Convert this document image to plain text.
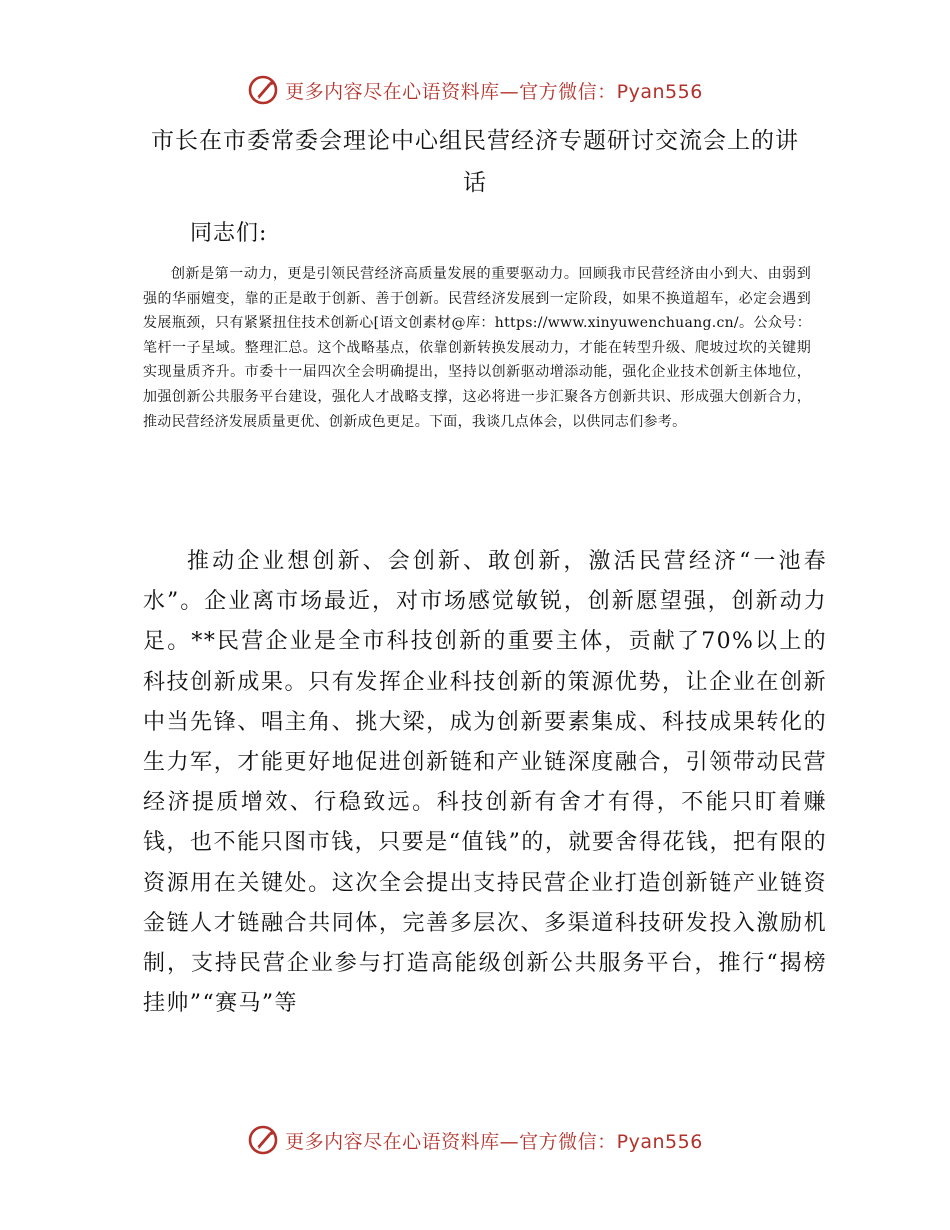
更多内容尽在心语资料库—官方微信：Pyan556
市长在市委常委会理论中心组民营经济专题研讨交流会上的讲话
同志们:

创新是第一动力，更是引领民营经济高质量发展的重要驱动力。回顾我市民营经济由小到大、由弱到强的华丽嬗变，靠的正是敢于创新、善于创新。民营经济发展到一定阶段，如果不换道超车，必定会遇到发展瓶颈，只有紧紧扭住技术创新心[语文创素材@库：https://www.xinyuwenchuang.cn/。公众号：笔杆一子星域。整理汇总。这个战略基点，依靠创新转换发展动力，才能在转型升级、爬坡过坎的关键期实现量质齐升。市委十一届四次全会明确提出，坚持以创新驱动增添动能，强化企业技术创新主体地位，加强创新公共服务平台建设，强化人才战略支撑，这必将进一步汇聚各方创新共识、形成强大创新合力，推动民营经济发展质量更优、创新成色更足。下面，我谈几点体会，以供同志们参考。

推动企业想创新、会创新、敢创新，激活民营经济“一池春水”。企业离市场最近，对市场感觉敏锐，创新愿望强，创新动力足。**民营企业是全市科技创新的重要主体，贡献了70%以上的科技创新成果。只有发挥企业科技创新的策源优势，让企业在创新中当先锋、唱主角、挑大梁，成为创新要素集成、科技成果转化的生力军，才能更好地促进创新链和产业链深度融合，引领带动民营经济提质增效、行稳致远。科技创新有舍才有得，不能只盯着赚钱，也不能只图市钱，只要是“值钱”的，就要舍得花钱，把有限的资源用在关键处。这次全会提出支持民营企业打造创新链产业链资金链人才链融合共同体，完善多层次、多渠道科技研发投入激励机制，支持民营企业参与打造高能级创新公共服务平台，推行“揭榜挂帅”“赛马”等

更多内容尽在心语资料库—官方微信：Pyan556
